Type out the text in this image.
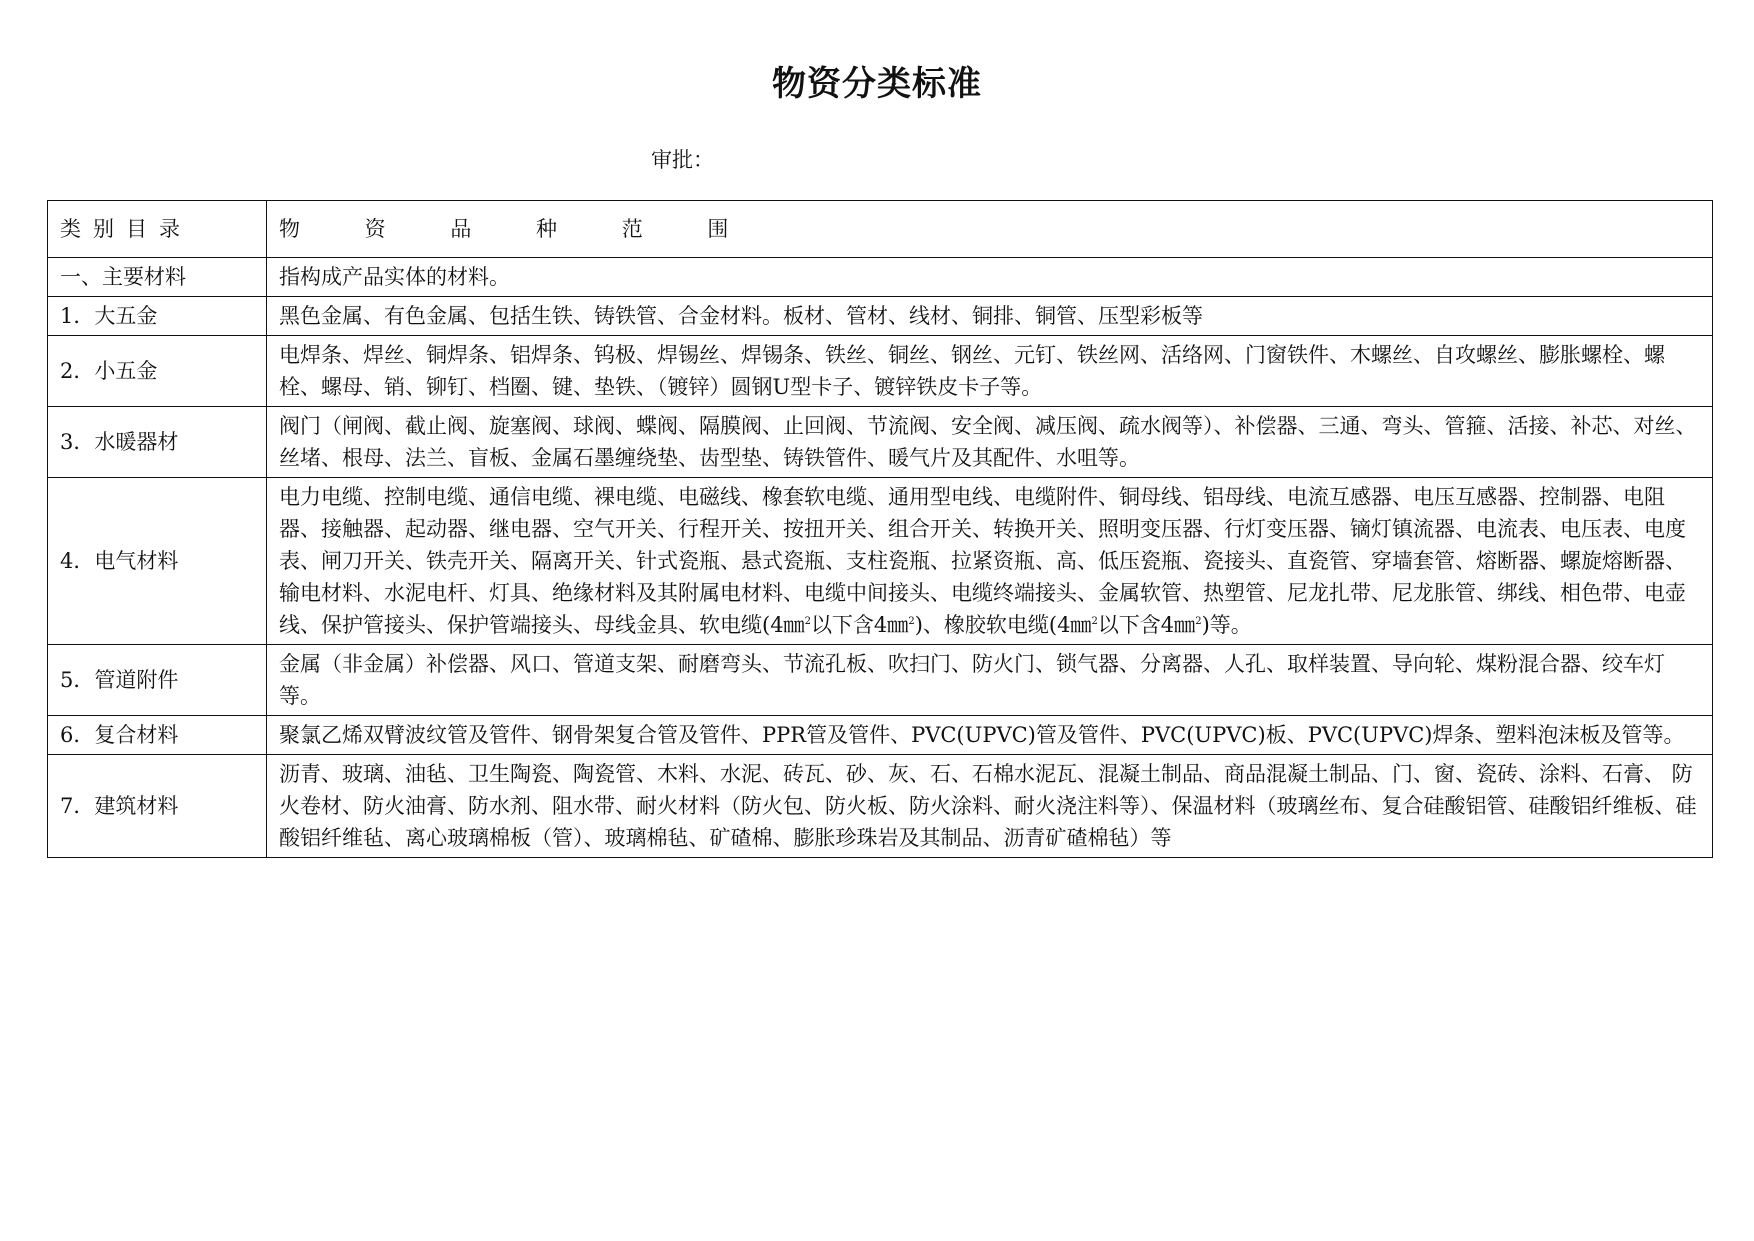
物资分类标准
审批：
类别目录	物 资 品 种 范 围
一、主要材料	指构成产品实体的材料。
1．大五金	黑色金属、有色金属、包括生铁、铸铁管、合金材料。板材、管材、线材、铜排、铜管、压型彩板等
2．小五金	电焊条、焊丝、铜焊条、铝焊条、钨极、焊锡丝、焊锡条、铁丝、铜丝、钢丝、元钉、铁丝网、活络网、门窗铁件、木螺丝、自攻螺丝、膨胀螺栓、螺栓、螺母、销、铆钉、档圈、键、垫铁、（镀锌）圆钢U型卡子、镀锌铁皮卡子等。
3．水暖器材	阀门（闸阀、截止阀、旋塞阀、球阀、蝶阀、隔膜阀、止回阀、节流阀、安全阀、减压阀、疏水阀等）、补偿器、三通、弯头、管箍、活接、补芯、对丝、丝堵、根母、法兰、盲板、金属石墨缠绕垫、齿型垫、铸铁管件、暖气片及其配件、水咀等。
4．电气材料	电力电缆、控制电缆、通信电缆、裸电缆、电磁线、橡套软电缆、通用型电线、电缆附件、铜母线、铝母线、电流互感器、电压互感器、控制器、电阻器、接触器、起动器、继电器、空气开关、行程开关、按扭开关、组合开关、转换开关、照明变压器、行灯变压器、镝灯镇流器、电流表、电压表、电度表、闸刀开关、铁壳开关、隔离开关、针式瓷瓶、悬式瓷瓶、支柱瓷瓶、拉紧资瓶、高、低压瓷瓶、瓷接头、直瓷管、穿墙套管、熔断器、螺旋熔断器、输电材料、水泥电杆、灯具、绝缘材料及其附属电材料、电缆中间接头、电缆终端接头、金属软管、热塑管、尼龙扎带、尼龙胀管、绑线、相色带、电壶线、保护管接头、保护管端接头、母线金具、软电缆(4㎜$^2$以下含4㎜$^2$)、橡胶软电缆(4㎜$^2$以下含4㎜$^2$)等。
5．管道附件	金属（非金属）补偿器、风口、管道支架、耐磨弯头、节流孔板、吹扫门、防火门、锁气器、分离器、人孔、取样装置、导向轮、煤粉混合器、绞车灯等。
6．复合材料	聚氯乙烯双臂波纹管及管件、钢骨架复合管及管件、PPR管及管件、PVC(UPVC)管及管件、PVC(UPVC)板、PVC(UPVC)焊条、塑料泡沫板及管等。
7．建筑材料	沥青、玻璃、油毡、卫生陶瓷、陶瓷管、木料、水泥、砖瓦、砂、灰、石、石棉水泥瓦、混凝土制品、商品混凝土制品、门、窗、瓷砖、涂料、石膏、 防火卷材、防火油膏、防水剂、阻水带、耐火材料（防火包、防火板、防火涂料、耐火浇注料等）、保温材料（玻璃丝布、复合硅酸铝管、硅酸铝纤维板、硅酸铝纤维毡、离心玻璃棉板（管）、玻璃棉毡、矿碴棉、膨胀珍珠岩及其制品、沥青矿碴棉毡）等
